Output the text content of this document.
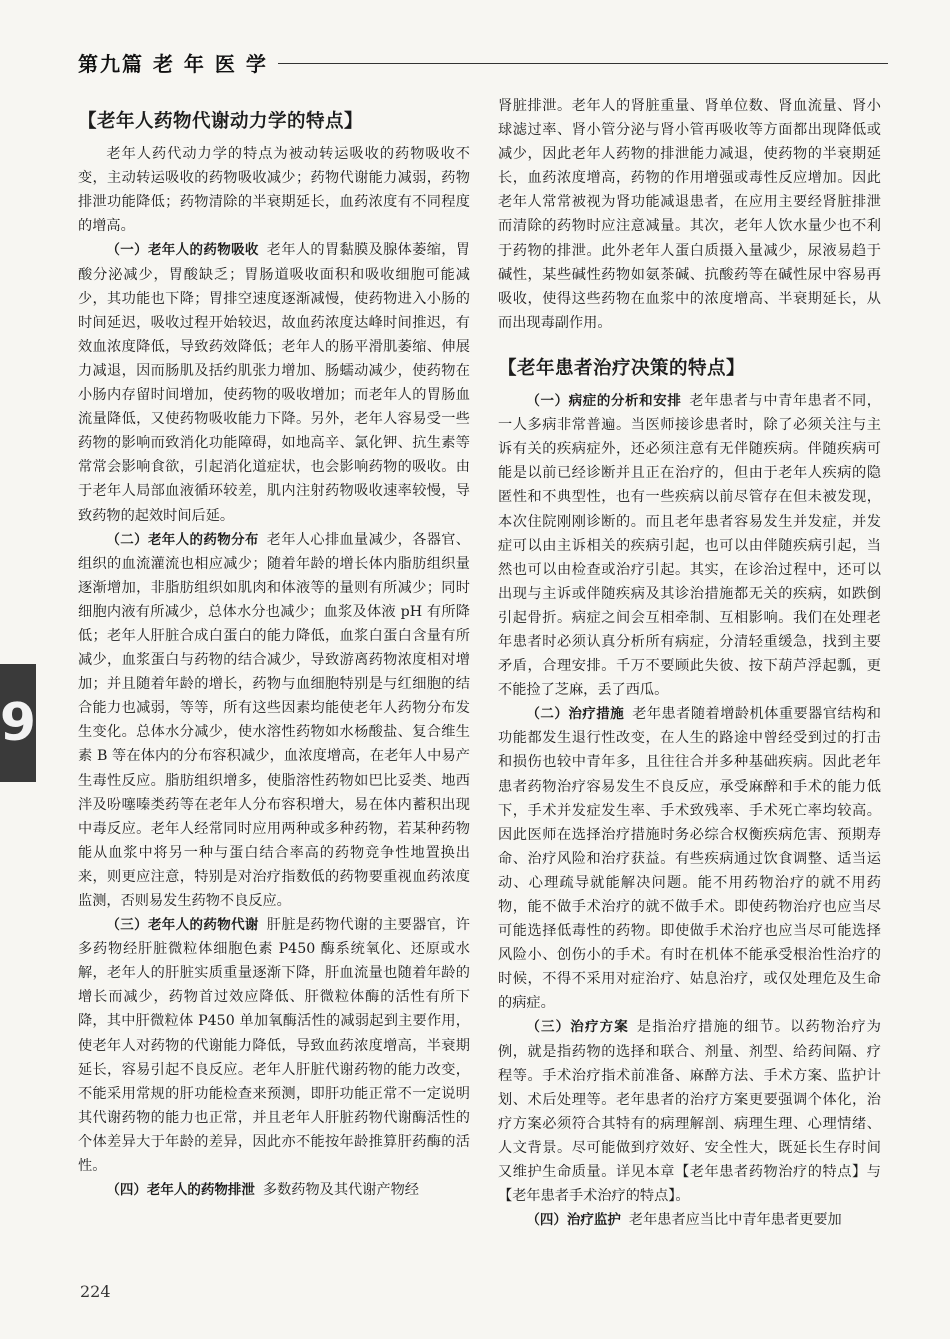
第九篇 老 年 医 学
9
【老年人药物代谢动力学的特点】

老年人药代动力学的特点为被动转运吸收的药物吸收不变，主动转运吸收的药物吸收减少；药物代谢能力减弱，药物排泄功能降低；药物清除的半衰期延长，血药浓度有不同程度的增高。

（一）老年人的药物吸收 老年人的胃黏膜及腺体萎缩，胃酸分泌减少，胃酸缺乏；胃肠道吸收面积和吸收细胞可能减少，其功能也下降；胃排空速度逐渐减慢，使药物进入小肠的时间延迟，吸收过程开始较迟，故血药浓度达峰时间推迟，有效血浓度降低，导致药效降低；老年人的肠平滑肌萎缩、伸展力减退，因而肠肌及括约肌张力增加、肠蠕动减少，使药物在小肠内存留时间增加，使药物的吸收增加；而老年人的胃肠血流量降低，又使药物吸收能力下降。另外，老年人容易受一些药物的影响而致消化功能障碍，如地高辛、氯化钾、抗生素等常常会影响食欲，引起消化道症状，也会影响药物的吸收。由于老年人局部血液循环较差，肌内注射药物吸收速率较慢，导致药物的起效时间后延。

（二）老年人的药物分布 老年人心排血量减少，各器官、组织的血流灌流也相应减少；随着年龄的增长体内脂肪组织量逐渐增加，非脂肪组织如肌肉和体液等的量则有所减少；同时细胞内液有所减少，总体水分也减少；血浆及体液 pH 有所降低；老年人肝脏合成白蛋白的能力降低，血浆白蛋白含量有所减少，血浆蛋白与药物的结合减少，导致游离药物浓度相对增加；并且随着年龄的增长，药物与血细胞特别是与红细胞的结合能力也减弱，等等，所有这些因素均能使老年人药物分布发生变化。总体水分减少，使水溶性药物如水杨酸盐、复合维生素 B 等在体内的分布容积减少，血浓度增高，在老年人中易产生毒性反应。脂肪组织增多，使脂溶性药物如巴比妥类、地西泮及吩噻嗪类药等在老年人分布容积增大，易在体内蓄积出现中毒反应。老年人经常同时应用两种或多种药物，若某种药物能从血浆中将另一种与蛋白结合率高的药物竞争性地置换出来，则更应注意，特别是对治疗指数低的药物要重视血药浓度监测，否则易发生药物不良反应。

（三）老年人的药物代谢 肝脏是药物代谢的主要器官，许多药物经肝脏微粒体细胞色素 P450 酶系统氧化、还原或水解，老年人的肝脏实质重量逐渐下降，肝血流量也随着年龄的增长而减少，药物首过效应降低、肝微粒体酶的活性有所下降，其中肝微粒体 P450 单加氧酶活性的减弱起到主要作用，使老年人对药物的代谢能力降低，导致血药浓度增高，半衰期延长，容易引起不良反应。老年人肝脏代谢药物的能力改变，不能采用常规的肝功能检查来预测，即肝功能正常不一定说明其代谢药物的能力也正常，并且老年人肝脏药物代谢酶活性的个体差异大于年龄的差异，因此亦不能按年龄推算肝药酶的活性。

（四）老年人的药物排泄 多数药物及其代谢产物经

肾脏排泄。老年人的肾脏重量、肾单位数、肾血流量、肾小球滤过率、肾小管分泌与肾小管再吸收等方面都出现降低或减少，因此老年人药物的排泄能力减退，使药物的半衰期延长，血药浓度增高，药物的作用增强或毒性反应增加。因此老年人常常被视为肾功能减退患者，在应用主要经肾脏排泄而清除的药物时应注意减量。其次，老年人饮水量少也不利于药物的排泄。此外老年人蛋白质摄入量减少，尿液易趋于碱性，某些碱性药物如氨茶碱、抗酸药等在碱性尿中容易再吸收，使得这些药物在血浆中的浓度增高、半衰期延长，从而出现毒副作用。

【老年患者治疗决策的特点】

（一）病症的分析和安排 老年患者与中青年患者不同，一人多病非常普遍。当医师接诊患者时，除了必须关注与主诉有关的疾病症外，还必须注意有无伴随疾病。伴随疾病可能是以前已经诊断并且正在治疗的，但由于老年人疾病的隐匿性和不典型性，也有一些疾病以前尽管存在但未被发现，本次住院刚刚诊断的。而且老年患者容易发生并发症，并发症可以由主诉相关的疾病引起，也可以由伴随疾病引起，当然也可以由检查或治疗引起。其实，在诊治过程中，还可以出现与主诉或伴随疾病及其诊治措施都无关的疾病，如跌倒引起骨折。病症之间会互相牵制、互相影响。我们在处理老年患者时必须认真分析所有病症，分清轻重缓急，找到主要矛盾，合理安排。千万不要顾此失彼、按下葫芦浮起瓢，更不能捡了芝麻，丢了西瓜。

（二）治疗措施 老年患者随着增龄机体重要器官结构和功能都发生退行性改变，在人生的路途中曾经受到过的打击和损伤也较中青年多，且往往合并多种基础疾病。因此老年患者药物治疗容易发生不良反应，承受麻醉和手术的能力低下，手术并发症发生率、手术致残率、手术死亡率均较高。因此医师在选择治疗措施时务必综合权衡疾病危害、预期寿命、治疗风险和治疗获益。有些疾病通过饮食调整、适当运动、心理疏导就能解决问题。能不用药物治疗的就不用药物，能不做手术治疗的就不做手术。即使药物治疗也应当尽可能选择低毒性的药物。即使做手术治疗也应当尽可能选择风险小、创伤小的手术。有时在机体不能承受根治性治疗的时候，不得不采用对症治疗、姑息治疗，或仅处理危及生命的病症。

（三）治疗方案 是指治疗措施的细节。以药物治疗为例，就是指药物的选择和联合、剂量、剂型、给药间隔、疗程等。手术治疗指术前准备、麻醉方法、手术方案、监护计划、术后处理等。老年患者的治疗方案更要强调个体化，治疗方案必须符合其特有的病理解剖、病理生理、心理情绪、人文背景。尽可能做到疗效好、安全性大，既延长生存时间又维护生命质量。详见本章【老年患者药物治疗的特点】与【老年患者手术治疗的特点】。

（四）治疗监护 老年患者应当比中青年患者更要加

224
